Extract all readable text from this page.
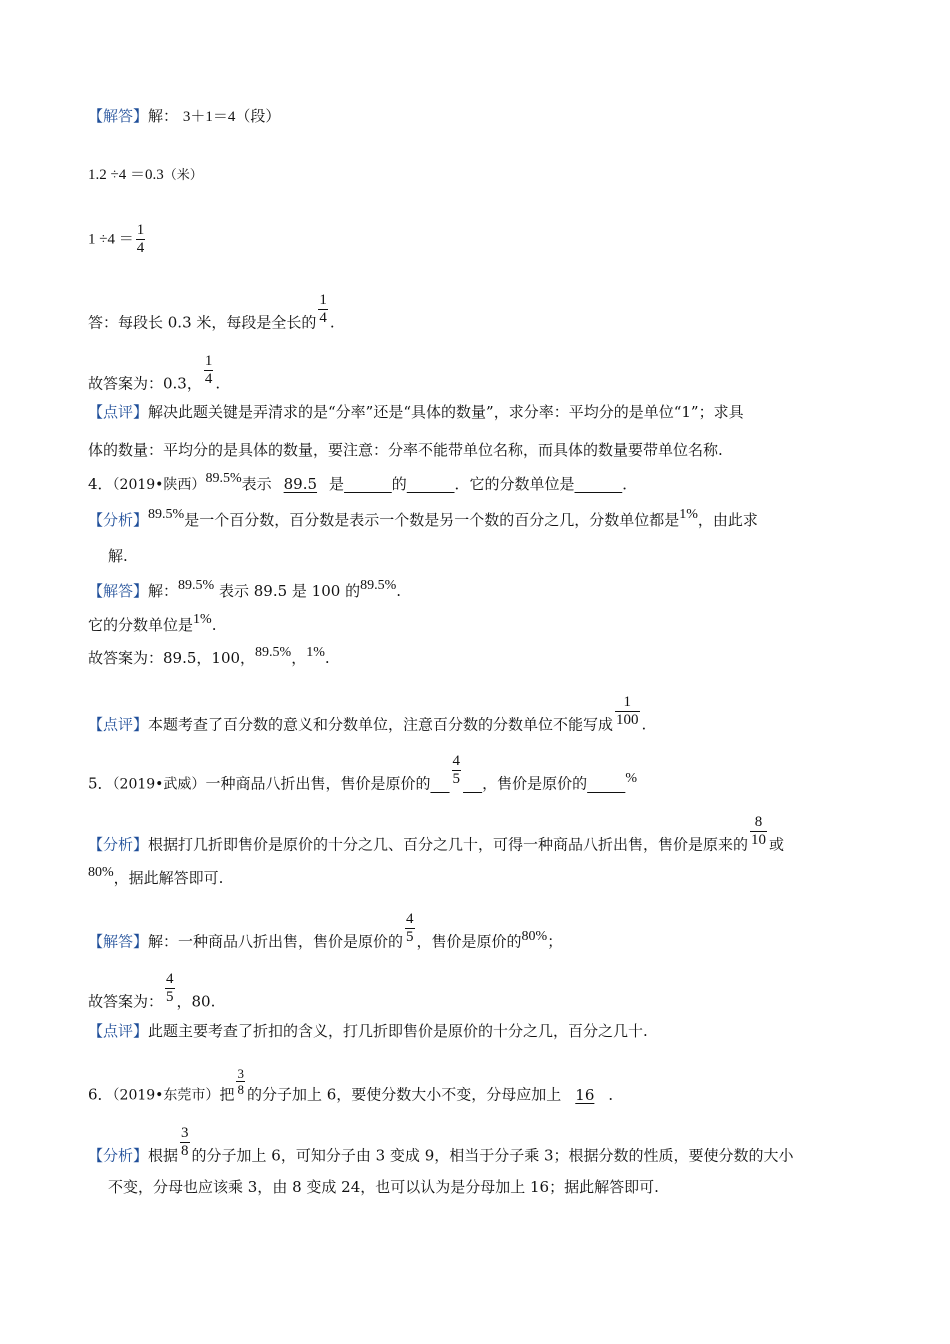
【解答】解： 3＋1＝4（段）
1.2 ÷4 ＝0.3（米）
$1 \div 4 = \frac{1}{4}$
答：每段长 0.3 米，每段是全长的 $\frac{1}{4}$ .
故答案为：0.3， $\frac{1}{4}$ .
【点评】解决此题关键是弄清求的是“分率”还是“具体的数量”，求分率：平均分的是单位“1”；求具
体的数量：平均分的是具体的数量，要注意：分率不能带单位名称，而具体的数量要带单位名称.
4．（2019•陕西）89.5%表示 89.5 是     	的     	．它的分数单位是     	．
【分析】89.5%是一个百分数，百分数是表示一个数是另一个数的百分之几，分数单位都是1%，由此求
解.
【解答】解：89.5% 表示 89.5 是 100 的89.5%.
它的分数单位是1%.
故答案为：89.5，100，89.5%，1%.
【点评】本题考查了百分数的意义和分数单位，注意百分数的分数单位不能写成 $\frac{1}{100}$ .
5．（2019•武威）一种商品八折出售，售价是原价的   $\frac{4}{5}$
   ，售价是原价的    	%
【分析】根据打几折即售价是原价的十分之几、百分之几十，可得一种商品八折出售，售价是原来的 $\frac{8}{10}$ 或
80%，据此解答即可.
【解答】解：一种商品八折出售，售价是原价的 $\frac{4}{5}$ ，售价是原价的80%；
故答案为： $\frac{4}{5}$ ，80.
【点评】此题主要考查了折扣的含义，打几折即售价是原价的十分之几，百分之几十.
6．（2019•东莞市）把 $\frac{3}{8}$ 的分子加上 6，要使分数大小不变，分母应加上 16 ．
【分析】根据 $\frac{3}{8}$ 的分子加上 6，可知分子由 3 变成 9，相当于分子乘 3；根据分数的性质，要使分数的大小
不变，分母也应该乘 3，由 8 变成 24，也可以认为是分母加上 16；据此解答即可.
